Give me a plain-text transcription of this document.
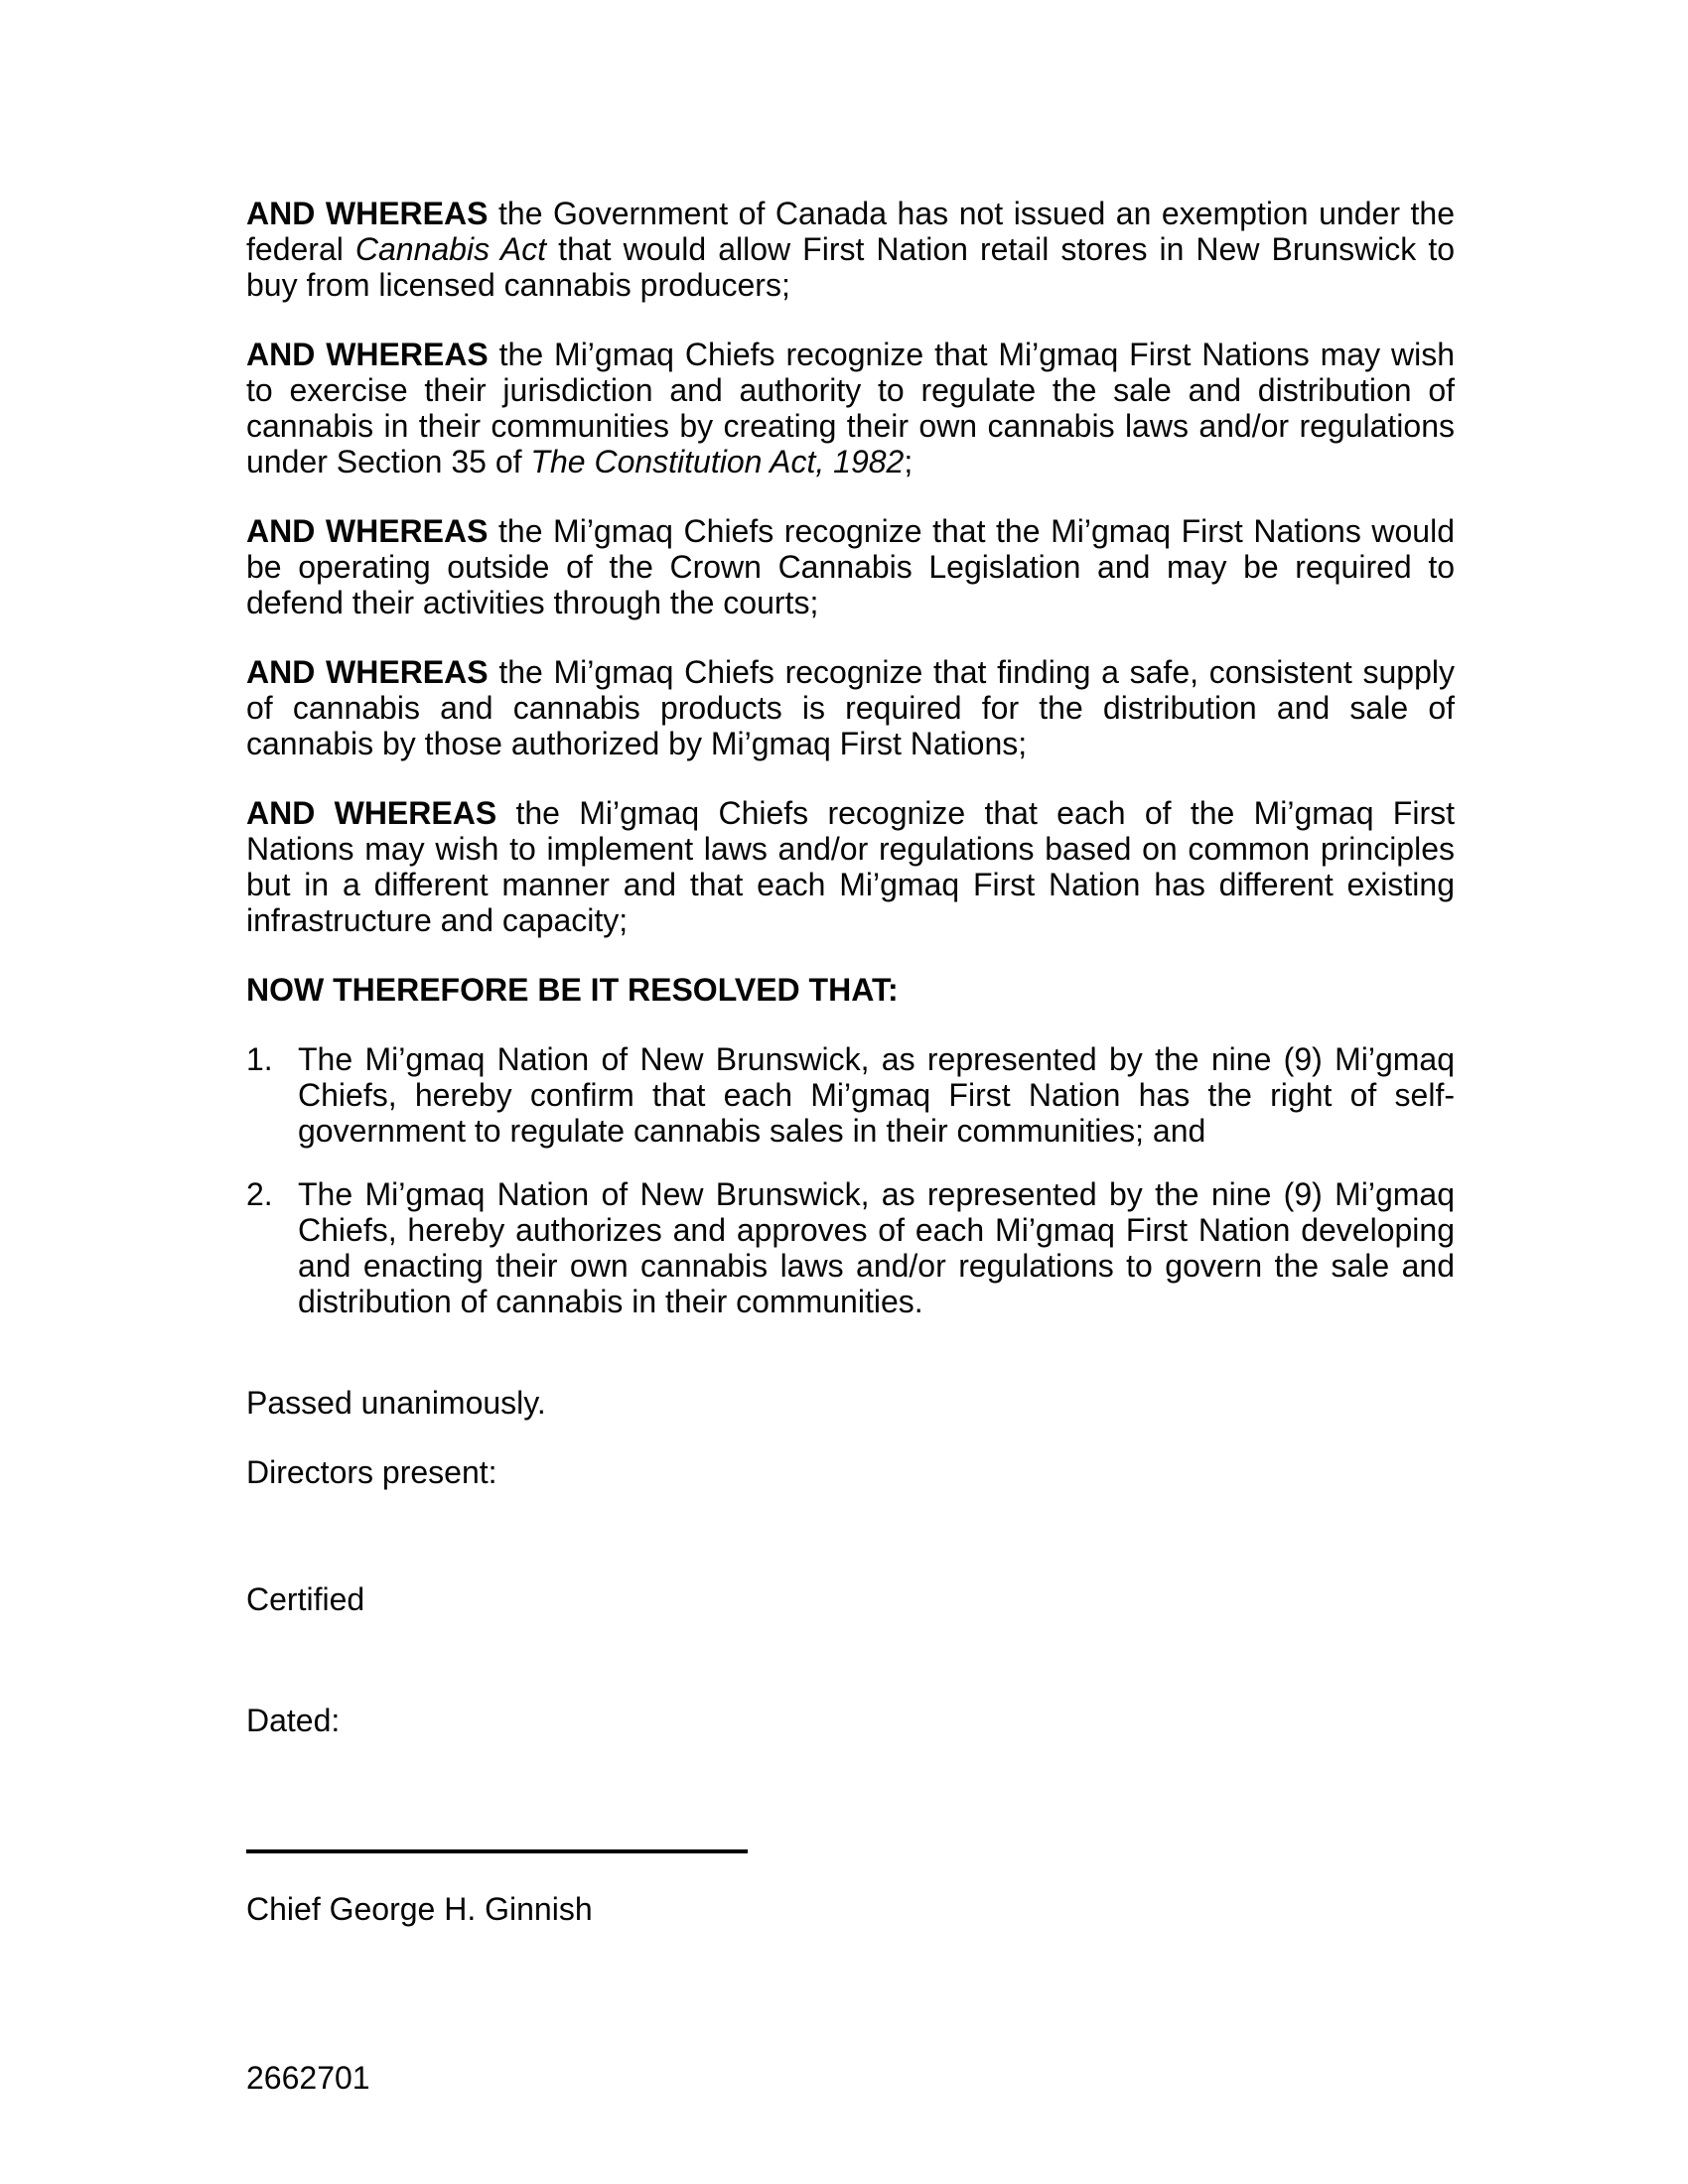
AND WHEREAS the Government of Canada has not issued an exemption under the federal Cannabis Act that would allow First Nation retail stores in New Brunswick to buy from licensed cannabis producers;

AND WHEREAS the Mi’gmaq Chiefs recognize that Mi’gmaq First Nations may wish to exercise their jurisdiction and authority to regulate the sale and distribution of cannabis in their communities by creating their own cannabis laws and/or regulations under Section 35 of The Constitution Act, 1982;

AND WHEREAS the Mi’gmaq Chiefs recognize that the Mi’gmaq First Nations would be operating outside of the Crown Cannabis Legislation and may be required to defend their activities through the courts;

AND WHEREAS the Mi’gmaq Chiefs recognize that finding a safe, consistent supply of cannabis and cannabis products is required for the distribution and sale of cannabis by those authorized by Mi’gmaq First Nations;

AND WHEREAS the Mi’gmaq Chiefs recognize that each of the Mi’gmaq First Nations may wish to implement laws and/or regulations based on common principles but in a different manner and that each Mi’gmaq First Nation has different existing infrastructure and capacity;

NOW THEREFORE BE IT RESOLVED THAT:
1. The Mi’gmaq Nation of New Brunswick, as represented by the nine (9) Mi’gmaq Chiefs, hereby confirm that each Mi’gmaq First Nation has the right of self-government to regulate cannabis sales in their communities; and
2. The Mi’gmaq Nation of New Brunswick, as represented by the nine (9) Mi’gmaq Chiefs, hereby authorizes and approves of each Mi’gmaq First Nation developing and enacting their own cannabis laws and/or regulations to govern the sale and distribution of cannabis in their communities.
Passed unanimously.
Directors present:
Certified
Dated:
Chief George H. Ginnish
2662701
